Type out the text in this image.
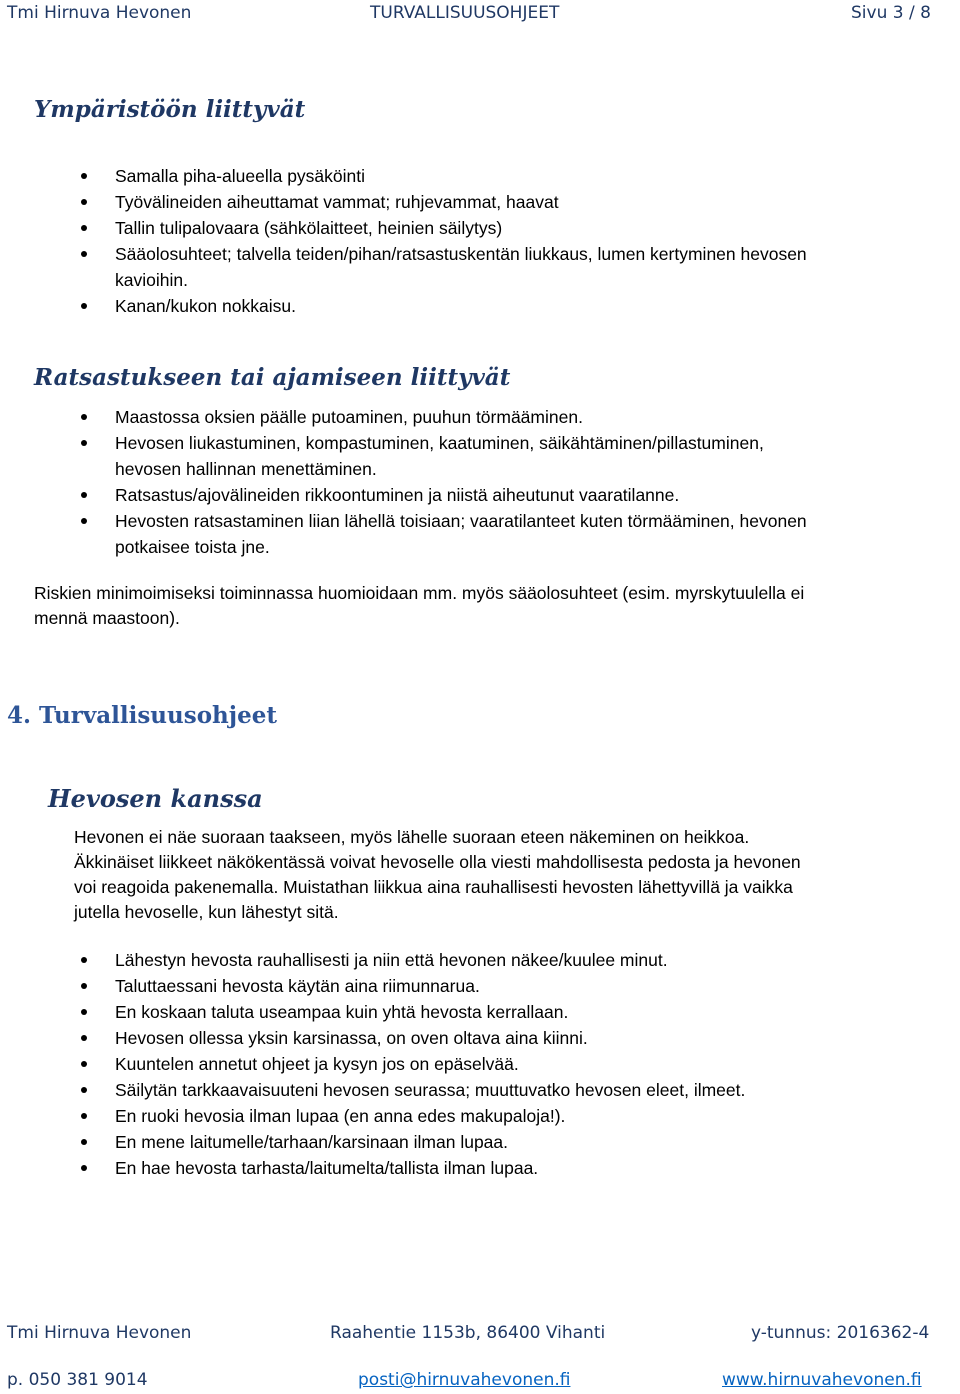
Tmi Hirnuva Hevonen	TURVALLISUUSOHJEET	Sivu 3 / 8
Ympäristöön liittyvät
Samalla piha-alueella pysäköinti
Työvälineiden aiheuttamat vammat; ruhjevammat, haavat
Tallin tulipalovaara (sähkölaitteet, heinien säilytys)
Sääolosuhteet; talvella teiden/pihan/ratsastuskentän liukkaus, lumen kertyminen hevosen
kavioihin.
Kanan/kukon nokkaisu.
Ratsastukseen tai ajamiseen liittyvät
Maastossa oksien päälle putoaminen, puuhun törmääminen.
Hevosen liukastuminen, kompastuminen, kaatuminen, säikähtäminen/pillastuminen,
hevosen hallinnan menettäminen.
Ratsastus/ajovälineiden rikkoontuminen ja niistä aiheutunut vaaratilanne.
Hevosten ratsastaminen liian lähellä toisiaan; vaaratilanteet kuten törmääminen, hevonen
potkaisee toista jne.

Riskien minimoimiseksi toiminnassa huomioidaan mm. myös sääolosuhteet (esim. myrskytuulella ei
mennä maastoon).

4. Turvallisuusohjeet
Hevosen kanssa

Hevonen ei näe suoraan taakseen, myös lähelle suoraan eteen näkeminen on heikkoa.
Äkkinäiset liikkeet näkökentässä voivat hevoselle olla viesti mahdollisesta pedosta ja hevonen
voi reagoida pakenemalla. Muistathan liikkua aina rauhallisesti hevosten lähettyvillä ja vaikka
jutella hevoselle, kun lähestyt sitä.

Lähestyn hevosta rauhallisesti ja niin että hevonen näkee/kuulee minut.
Taluttaessani hevosta käytän aina riimunnarua.
En koskaan taluta useampaa kuin yhtä hevosta kerrallaan.
Hevosen ollessa yksin karsinassa, on oven oltava aina kiinni.
Kuuntelen annetut ohjeet ja kysyn jos on epäselvää.
Säilytän tarkkaavaisuuteni hevosen seurassa; muuttuvatko hevosen eleet, ilmeet.
En ruoki hevosia ilman lupaa (en anna edes makupaloja!).
En mene laitumelle/tarhaan/karsinaan ilman lupaa.
En hae hevosta tarhasta/laitumelta/tallista ilman lupaa.
Tmi Hirnuva Hevonen	Raahentie 1153b, 86400 Vihanti	y-tunnus: 2016362-4
p. 050 381 9014	posti@hirnuvahevonen.fi	www.hirnuvahevonen.fi
